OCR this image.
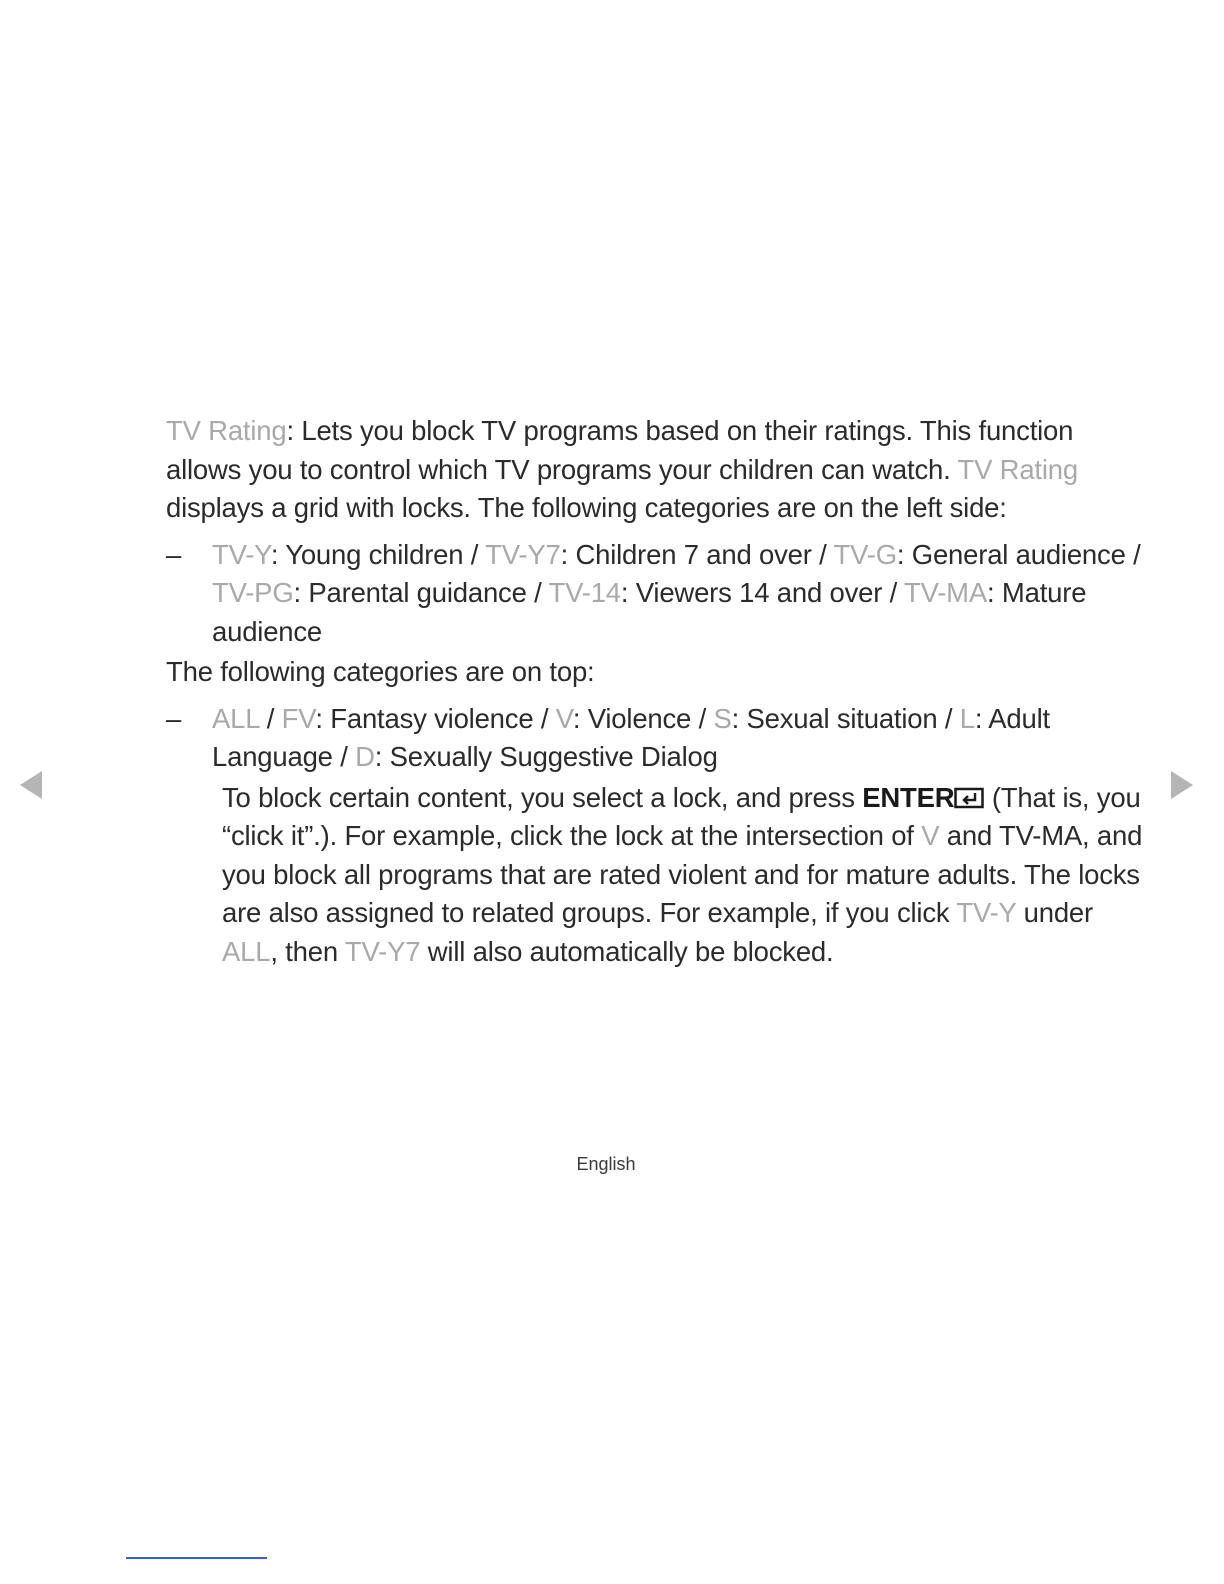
TV Rating: Lets you block TV programs based on their ratings. This function allows you to control which TV programs your children can watch. TV Rating displays a grid with locks. The following categories are on the left side:

– TV-Y: Young children / TV-Y7: Children 7 and over / TV-G: General audience / TV-PG: Parental guidance / TV-14: Viewers 14 and over / TV-MA: Mature audience

The following categories are on top:

– ALL / FV: Fantasy violence / V: Violence / S: Sexual situation / L: Adult Language / D: Sexually Suggestive Dialog

To block certain content, you select a lock, and press ENTER (That is, you “click it”.). For example, click the lock at the intersection of V and TV-MA, and you block all programs that are rated violent and for mature adults. The locks are also assigned to related groups. For example, if you click TV-Y under ALL, then TV-Y7 will also automatically be blocked.

English
